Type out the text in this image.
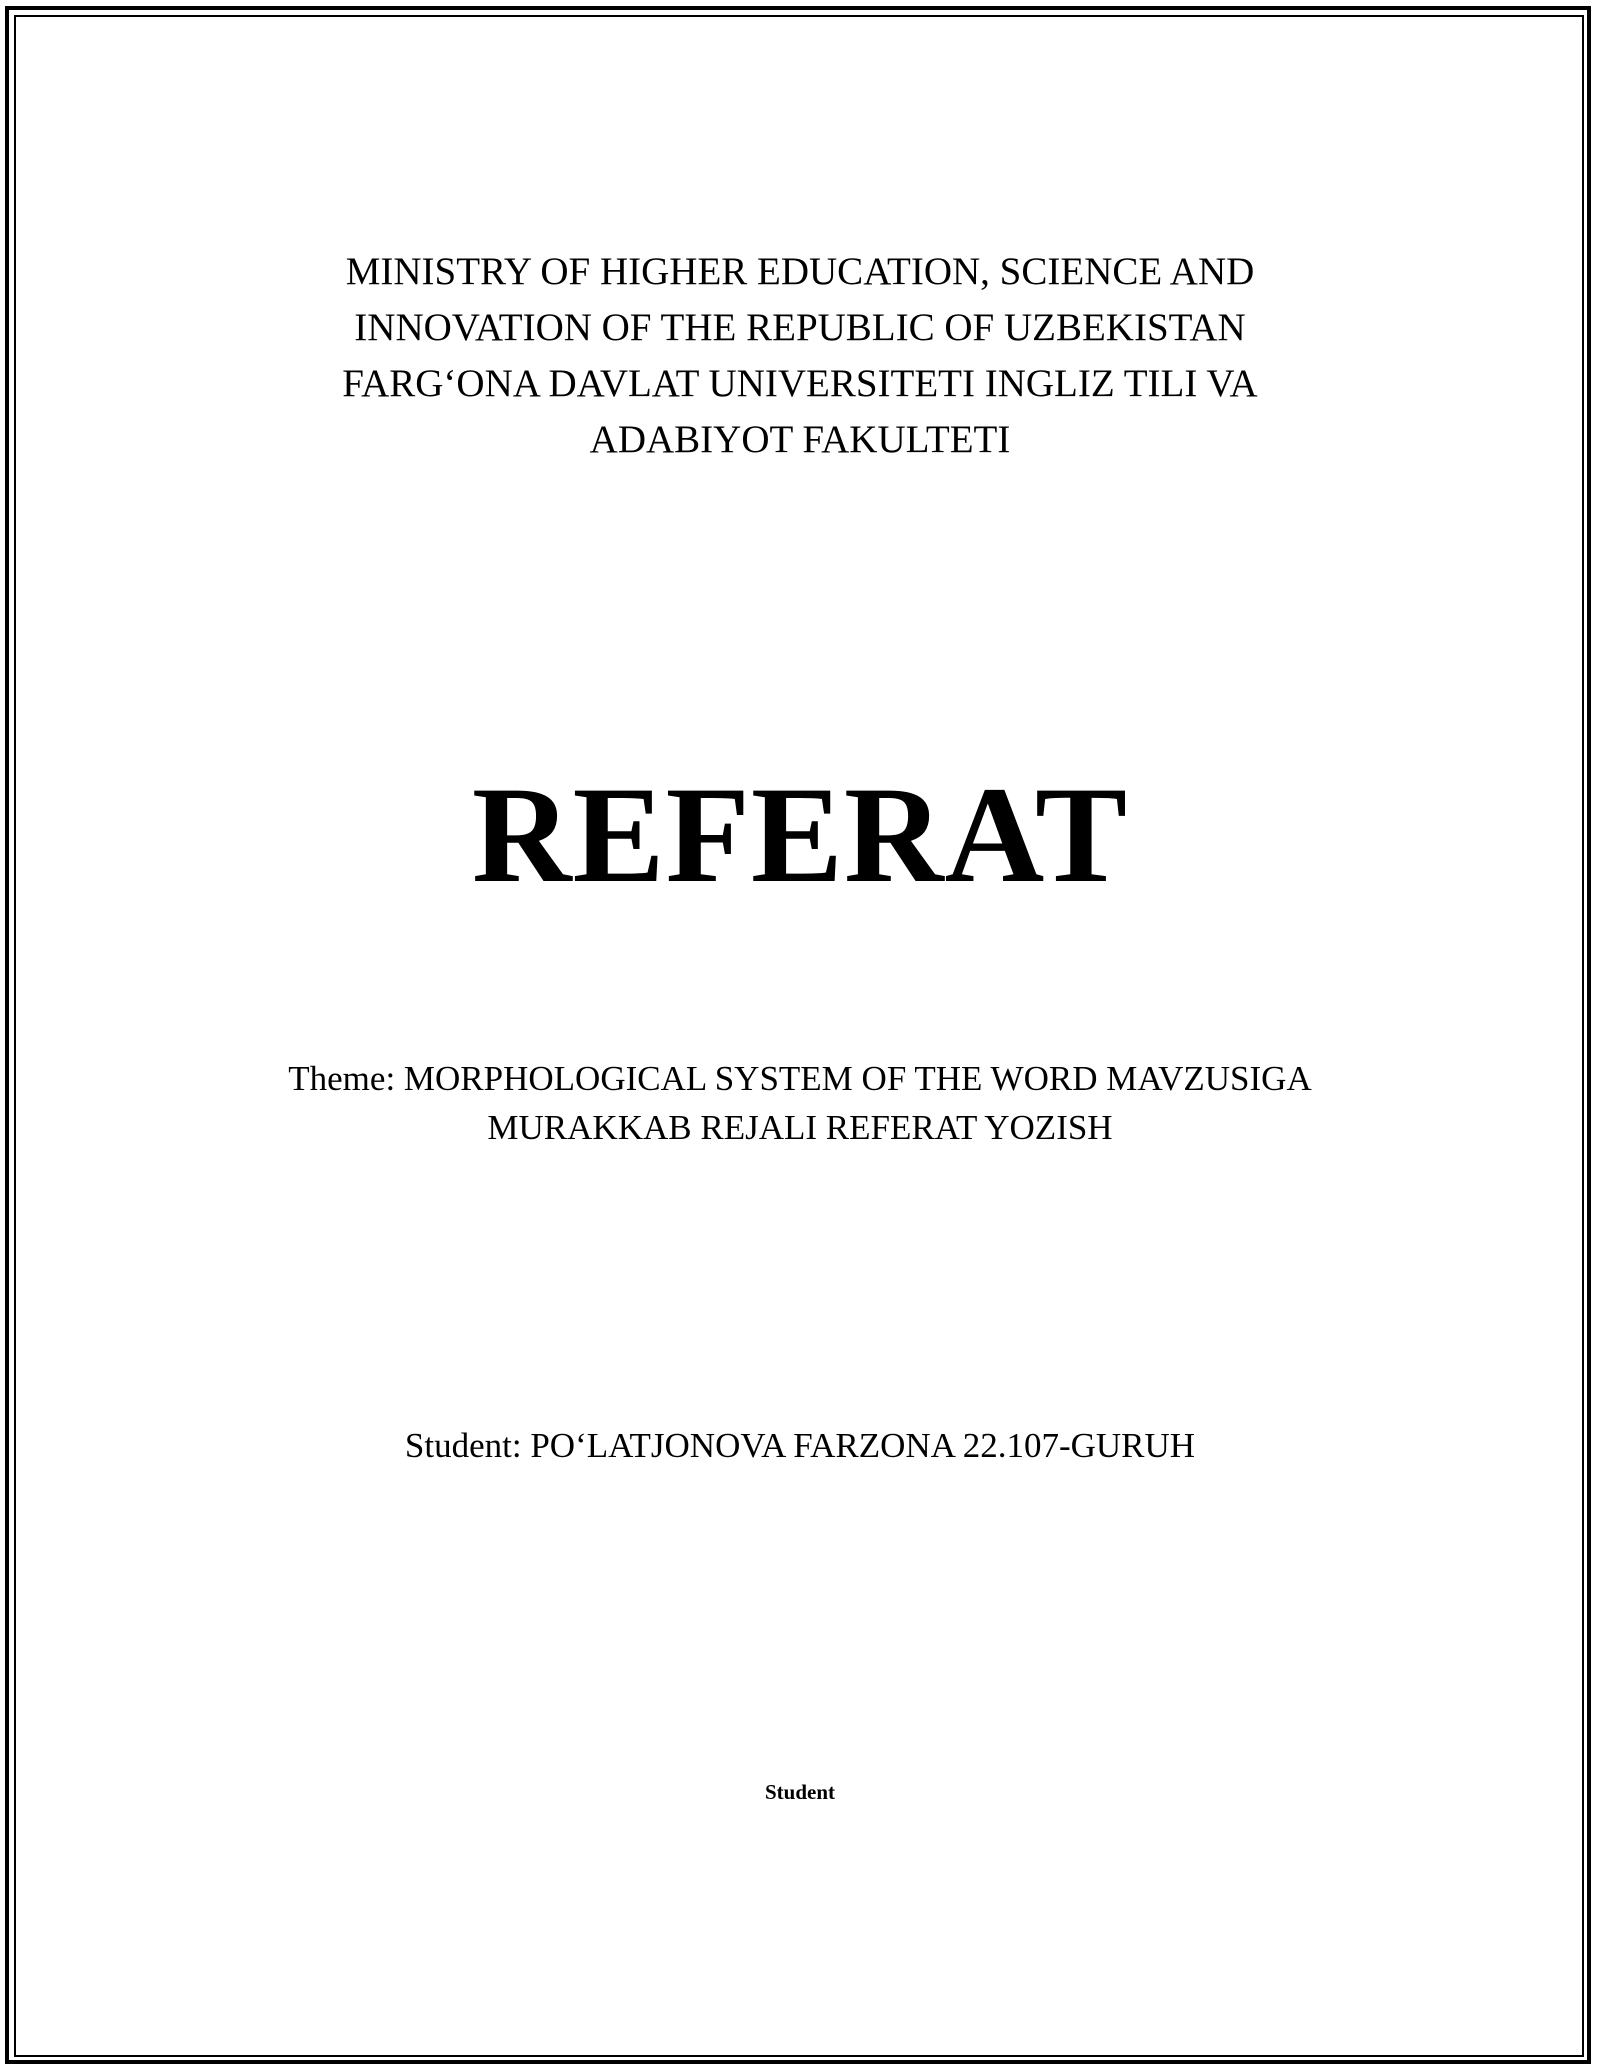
MINISTRY OF HIGHER EDUCATION, SCIENCE AND
INNOVATION OF THE REPUBLIC OF UZBEKISTAN
FARG‘ONA DAVLAT UNIVERSITETI INGLIZ TILI VA
ADABIYOT FAKULTETI
REFERAT
Theme: MORPHOLOGICAL SYSTEM OF THE WORD MAVZUSIGA
MURAKKAB REJALI REFERAT YOZISH
Student: PO‘LATJONOVA FARZONA 22.107-GURUH
Student
